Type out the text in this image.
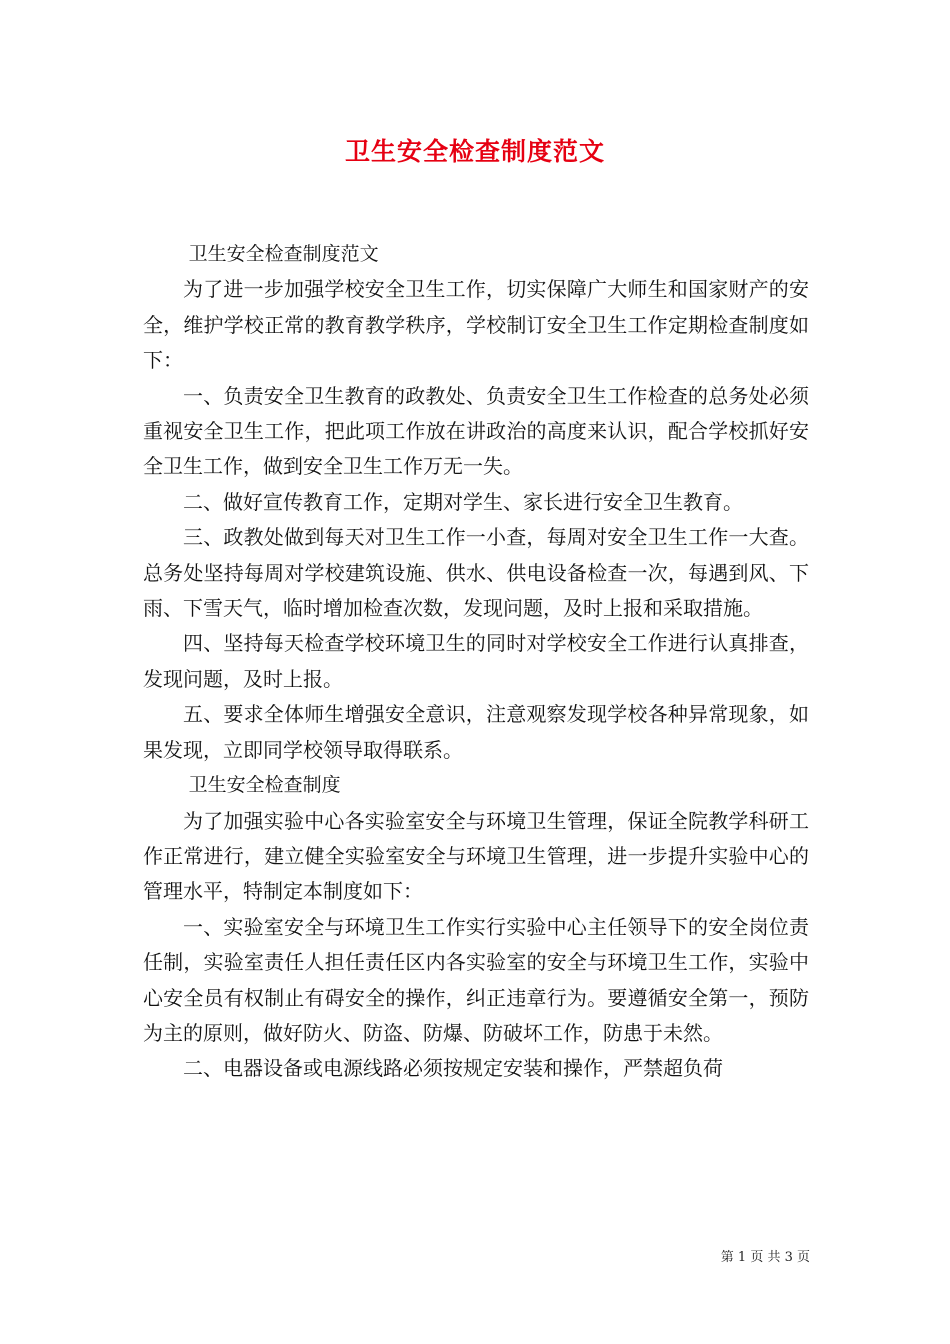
卫生安全检查制度范文

卫生安全检查制度范文

为了进一步加强学校安全卫生工作，切实保障广大师生和国家财产的安全，维护学校正常的教育教学秩序，学校制订安全卫生工作定期检查制度如下：

一、负责安全卫生教育的政教处、负责安全卫生工作检查的总务处必须重视安全卫生工作，把此项工作放在讲政治的高度来认识，配合学校抓好安全卫生工作，做到安全卫生工作万无一失。

二、做好宣传教育工作，定期对学生、家长进行安全卫生教育。

三、政教处做到每天对卫生工作一小查，每周对安全卫生工作一大查。总务处坚持每周对学校建筑设施、供水、供电设备检查一次，每遇到风、下雨、下雪天气，临时增加检查次数，发现问题，及时上报和采取措施。

四、坚持每天检查学校环境卫生的同时对学校安全工作进行认真排查，发现问题，及时上报。

五、要求全体师生增强安全意识，注意观察发现学校各种异常现象，如果发现，立即同学校领导取得联系。

卫生安全检查制度

为了加强实验中心各实验室安全与环境卫生管理，保证全院教学科研工作正常进行，建立健全实验室安全与环境卫生管理，进一步提升实验中心的管理水平，特制定本制度如下：

一、实验室安全与环境卫生工作实行实验中心主任领导下的安全岗位责任制，实验室责任人担任责任区内各实验室的安全与环境卫生工作，实验中心安全员有权制止有碍安全的操作，纠正违章行为。要遵循安全第一，预防为主的原则，做好防火、防盗、防爆、防破坏工作，防患于未然。

二、电器设备或电源线路必须按规定安装和操作，严禁超负荷

第 1 页 共 3 页
